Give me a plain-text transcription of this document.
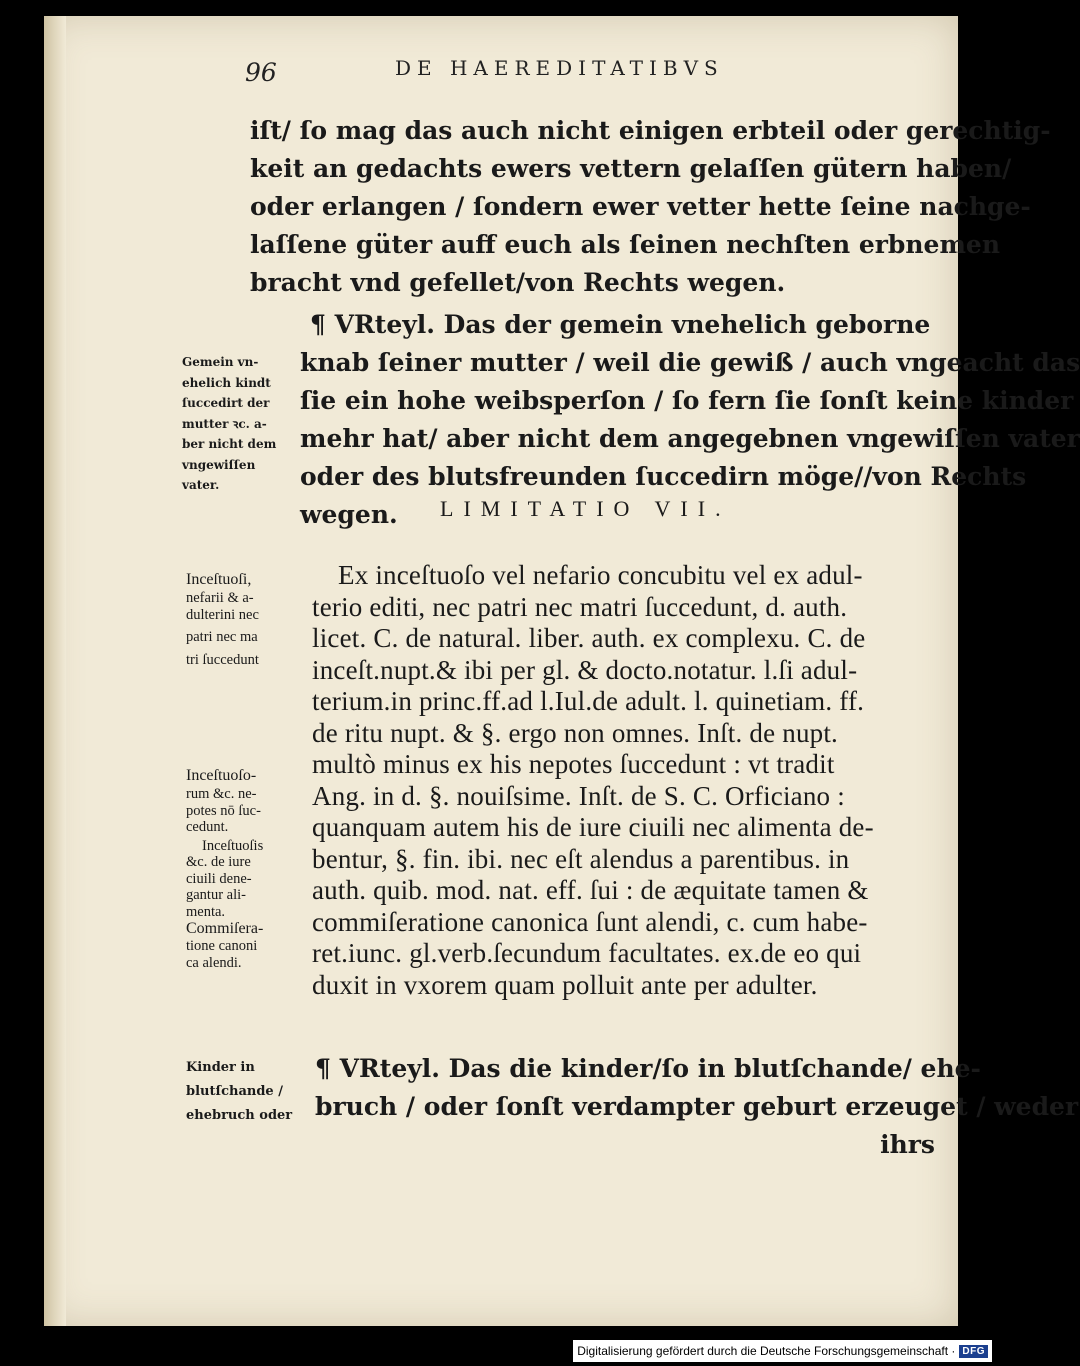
96	DE HAEREDITATIBVS
iſt/ ſo mag das auch nicht einigen erbteil oder gerechtig-
keit an gedachts ewers vettern gelaſſen gütern haben/
oder erlangen / ſondern ewer vetter hette ſeine nachge-
laſſene güter auff euch als ſeinen nechſten erbnemen
bracht vnd gefellet/von Rechts wegen.
¶ VRteyl. Das der gemein vnehelich geborne
knab ſeiner mutter / weil die gewiß / auch vngeacht das
ſie ein hohe weibsperſon / ſo fern ſie ſonſt keine kinder
mehr hat/ aber nicht dem angegebnen vngewiſſen vater
oder des blutsfreunden ſuccedirn möge//von Rechts
wegen.
Gemein vn-
ehelich kindt
ſuccedirt der
mutter ꝛc. a-
ber nicht dem
vngewiſſen
vater.
LIMITATIO VII.
Ex inceſtuoſo vel nefario concubitu vel ex adul-
terio editi, nec patri nec matri ſuccedunt, d. auth.
licet. C. de natural. liber. auth. ex complexu. C. de
inceſt.nupt.& ibi per gl. & docto.notatur. l.ſi adul-
terium.in princ.ff.ad l.Iul.de adult. l. quinetiam. ff.
de ritu nupt. & §. ergo non omnes. Inſt. de nupt.
multò minus ex his nepotes ſuccedunt : vt tradit
Ang. in d. §. nouiſsime. Inſt. de S. C. Orficiano :
quanquam autem his de iure ciuili nec alimenta de-
bentur, §. fin. ibi. nec eſt alendus a parentibus. in
auth. quib. mod. nat. eff. ſui : de æquitate tamen &
commiſeratione canonica ſunt alendi, c. cum habe-
ret.iunc. gl.verb.ſecundum facultates. ex.de eo qui
duxit in vxorem quam polluit ante per adulter.
Inceſtuoſi,
nefarii & a-
dulterini nec
patri nec ma
tri ſuccedunt
Inceſtuoſo-
rum &c. ne-
potes nō ſuc-
cedunt.
Inceſtuoſis
&c. de iure
ciuili dene-
gantur ali-
menta.
Commiſera-
tione canoni
ca alendi.
¶ VRteyl. Das die kinder/ſo in blutſchande/ ehe-
bruch / oder ſonſt verdampter geburt erzeuget / weder
ihrs
Kinder in
blutſchande /
ehebruch oder
Digitalisierung gefördert durch die Deutsche Forschungsgemeinschaft · DFG
